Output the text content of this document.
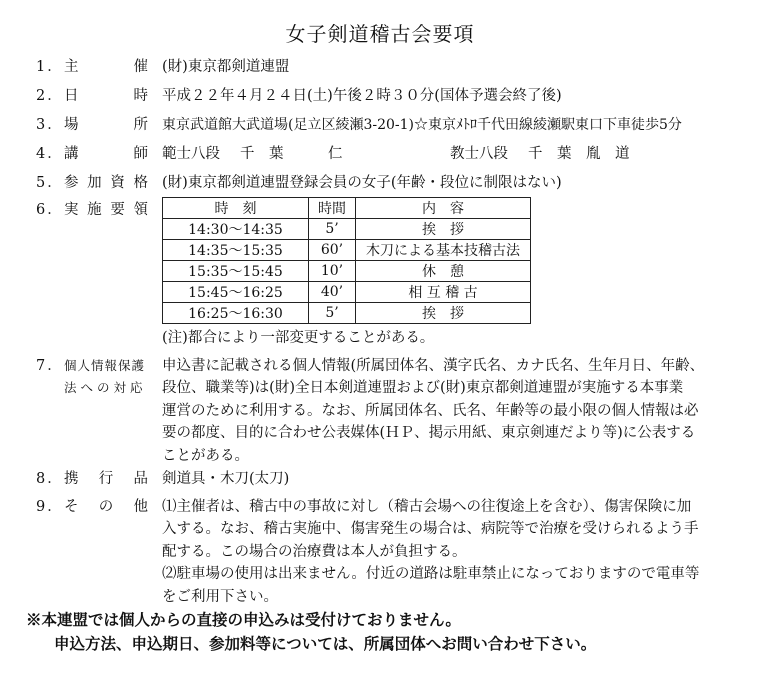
女子剣道稽古会要項
1． 主	催 (財)東京都剣道連盟
2． 日	時 平成２２年４月２４日(土)午後２時３０分(国体予選会終了後)
3． 場	所 東京武道館大武道場(足立区綾瀬3-20-1)☆東京ﾒﾄﾛ千代田線綾瀬駅東口下車徒歩5分
4． 講	師 範士八段 千　葉	仁	教士八段 千　葉　胤　道
5． 参 加 資 格 (財)東京都剣道連盟登録会員の女子(年齢・段位に制限はない)
6． 実 施 要 領	時　刻	時間	内　容
14:30～14:35	5’	挨　拶
14:35～15:35	60’	木刀による基本技稽古法
15:35～15:45	10’	休　憩
15:45～16:25	40’	相 互 稽 古
16:25～16:30	5’	挨　拶
(注)都合により一部変更することがある。
7． 個人情報保護
法への対応
申込書に記載される個人情報(所属団体名、漢字氏名、カナ氏名、生年月日、年齢、
段位、職業等)は(財)全日本剣道連盟および(財)東京都剣道連盟が実施する本事業
運営のために利用する。なお、所属団体名、氏名、年齢等の最小限の個人情報は必
要の都度、目的に合わせ公表媒体(ＨＰ、掲示用紙、東京剣連だより等)に公表する
ことがある。
8． 携 行 品 剣道具・木刀(太刀)
9． そ の 他 ⑴主催者は、稽古中の事故に対し（稽古会場への往復途上を含む）、傷害保険に加
入する。なお、稽古実施中、傷害発生の場合は、病院等で治療を受けられるよう手
配する。この場合の治療費は本人が負担する。
⑵駐車場の使用は出来ません。付近の道路は駐車禁止になっておりますので電車等
をご利用下さい。
※本連盟では個人からの直接の申込みは受付けておりません。
申込方法、申込期日、参加料等については、所属団体へお問い合わせ下さい。
